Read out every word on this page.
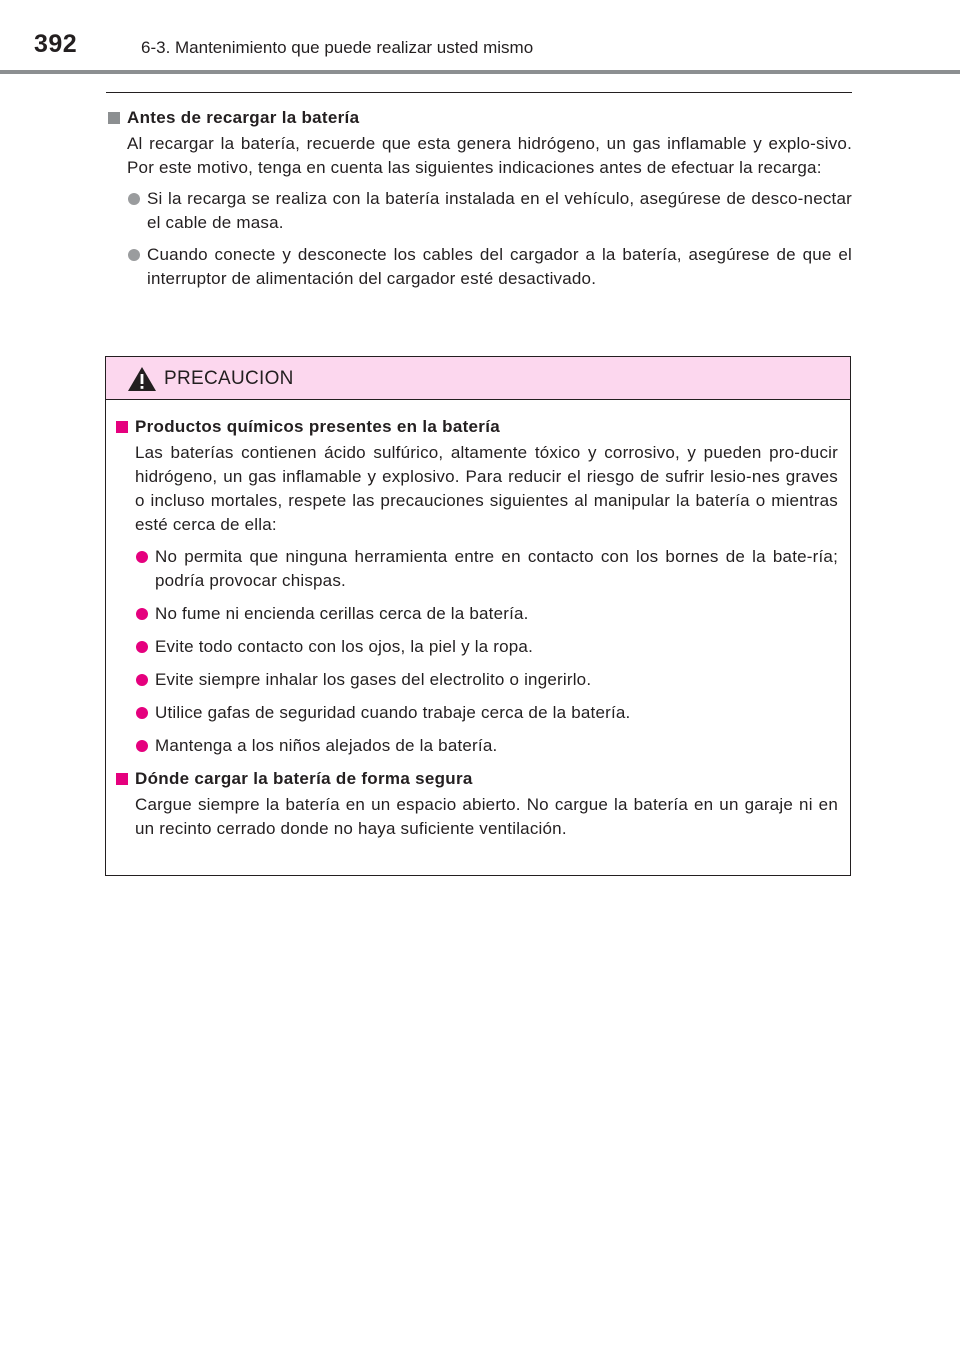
392	6-3. Mantenimiento que puede realizar usted mismo
Antes de recargar la batería
Al recargar la batería, recuerde que esta genera hidrógeno, un gas inflamable y explo-sivo. Por este motivo, tenga en cuenta las siguientes indicaciones antes de efectuar la recarga:
Si la recarga se realiza con la batería instalada en el vehículo, asegúrese de desco-nectar el cable de masa.
Cuando conecte y desconecte los cables del cargador a la batería, asegúrese de que el interruptor de alimentación del cargador esté desactivado.
PRECAUCION
Productos químicos presentes en la batería
Las baterías contienen ácido sulfúrico, altamente tóxico y corrosivo, y pueden pro-ducir hidrógeno, un gas inflamable y explosivo. Para reducir el riesgo de sufrir lesio-nes graves o incluso mortales, respete las precauciones siguientes al manipular la batería o mientras esté cerca de ella:
No permita que ninguna herramienta entre en contacto con los bornes de la bate-ría; podría provocar chispas.
No fume ni encienda cerillas cerca de la batería.
Evite todo contacto con los ojos, la piel y la ropa.
Evite siempre inhalar los gases del electrolito o ingerirlo.
Utilice gafas de seguridad cuando trabaje cerca de la batería.
Mantenga a los niños alejados de la batería.
Dónde cargar la batería de forma segura
Cargue siempre la batería en un espacio abierto. No cargue la batería en un garaje ni en un recinto cerrado donde no haya suficiente ventilación.
